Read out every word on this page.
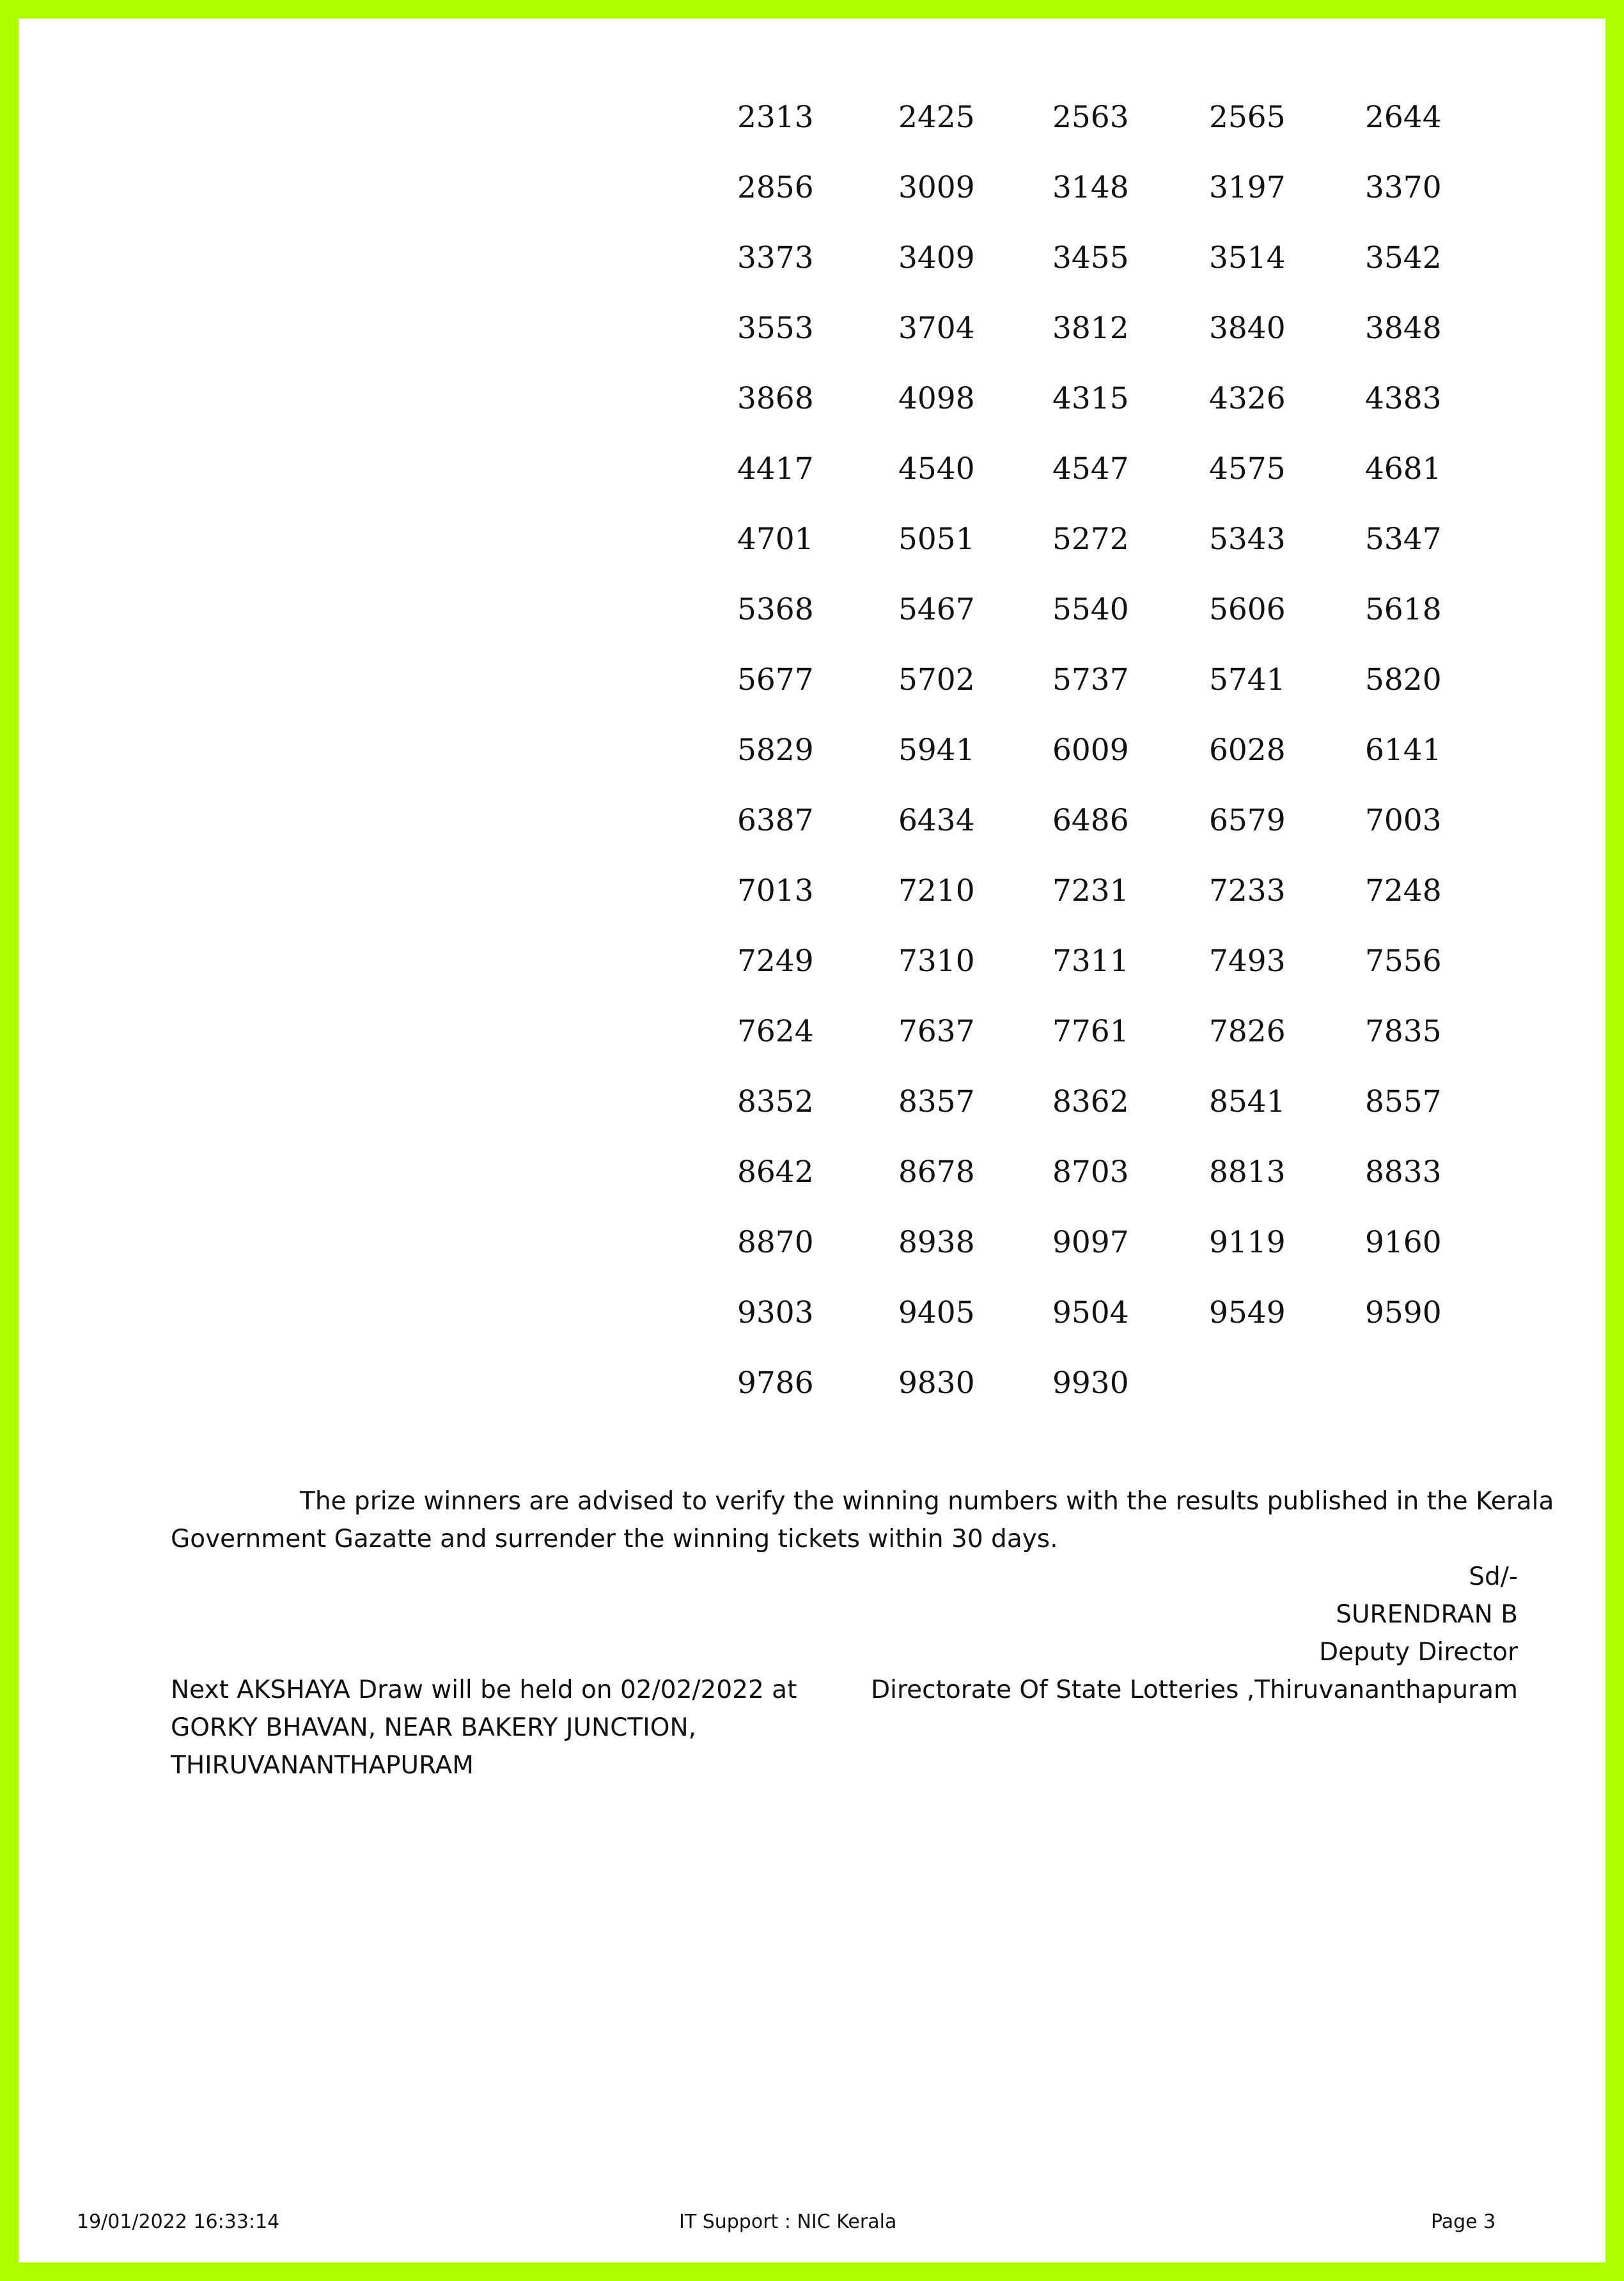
2313	2425	2563	2565	2644
2856	3009	3148	3197	3370
3373	3409	3455	3514	3542
3553	3704	3812	3840	3848
3868	4098	4315	4326	4383
4417	4540	4547	4575	4681
4701	5051	5272	5343	5347
5368	5467	5540	5606	5618
5677	5702	5737	5741	5820
5829	5941	6009	6028	6141
6387	6434	6486	6579	7003
7013	7210	7231	7233	7248
7249	7310	7311	7493	7556
7624	7637	7761	7826	7835
8352	8357	8362	8541	8557
8642	8678	8703	8813	8833
8870	8938	9097	9119	9160
9303	9405	9504	9549	9590
9786	9830	9930
The prize winners are advised to verify the winning numbers with the results published in the Kerala
Government Gazatte and surrender the winning tickets within 30 days.
Sd/-
SURENDRAN B
Deputy Director
Directorate Of State Lotteries ,Thiruvananthapuram
Next AKSHAYA Draw will be held on 02/02/2022 at
GORKY BHAVAN, NEAR BAKERY JUNCTION,
THIRUVANANTHAPURAM
19/01/2022 16:33:14	IT Support : NIC Kerala	Page 3
